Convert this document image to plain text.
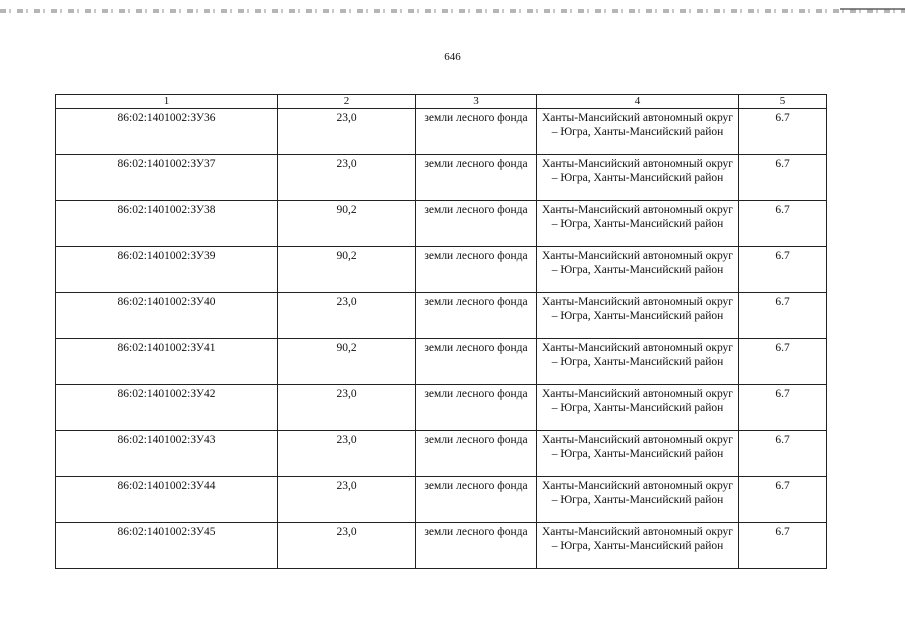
646
1	2	3	4	5
86:02:1401002:ЗУ36	23,0	земли лесного фонда	Ханты-Мансийский автономный округ – Югра, Ханты-Мансийский район	6.7
86:02:1401002:ЗУ37	23,0	земли лесного фонда	Ханты-Мансийский автономный округ – Югра, Ханты-Мансийский район	6.7
86:02:1401002:ЗУ38	90,2	земли лесного фонда	Ханты-Мансийский автономный округ – Югра, Ханты-Мансийский район	6.7
86:02:1401002:ЗУ39	90,2	земли лесного фонда	Ханты-Мансийский автономный округ – Югра, Ханты-Мансийский район	6.7
86:02:1401002:ЗУ40	23,0	земли лесного фонда	Ханты-Мансийский автономный округ – Югра, Ханты-Мансийский район	6.7
86:02:1401002:ЗУ41	90,2	земли лесного фонда	Ханты-Мансийский автономный округ – Югра, Ханты-Мансийский район	6.7
86:02:1401002:ЗУ42	23,0	земли лесного фонда	Ханты-Мансийский автономный округ – Югра, Ханты-Мансийский район	6.7
86:02:1401002:ЗУ43	23,0	земли лесного фонда	Ханты-Мансийский автономный округ – Югра, Ханты-Мансийский район	6.7
86:02:1401002:ЗУ44	23,0	земли лесного фонда	Ханты-Мансийский автономный округ – Югра, Ханты-Мансийский район	6.7
86:02:1401002:ЗУ45	23,0	земли лесного фонда	Ханты-Мансийский автономный округ – Югра, Ханты-Мансийский район	6.7
